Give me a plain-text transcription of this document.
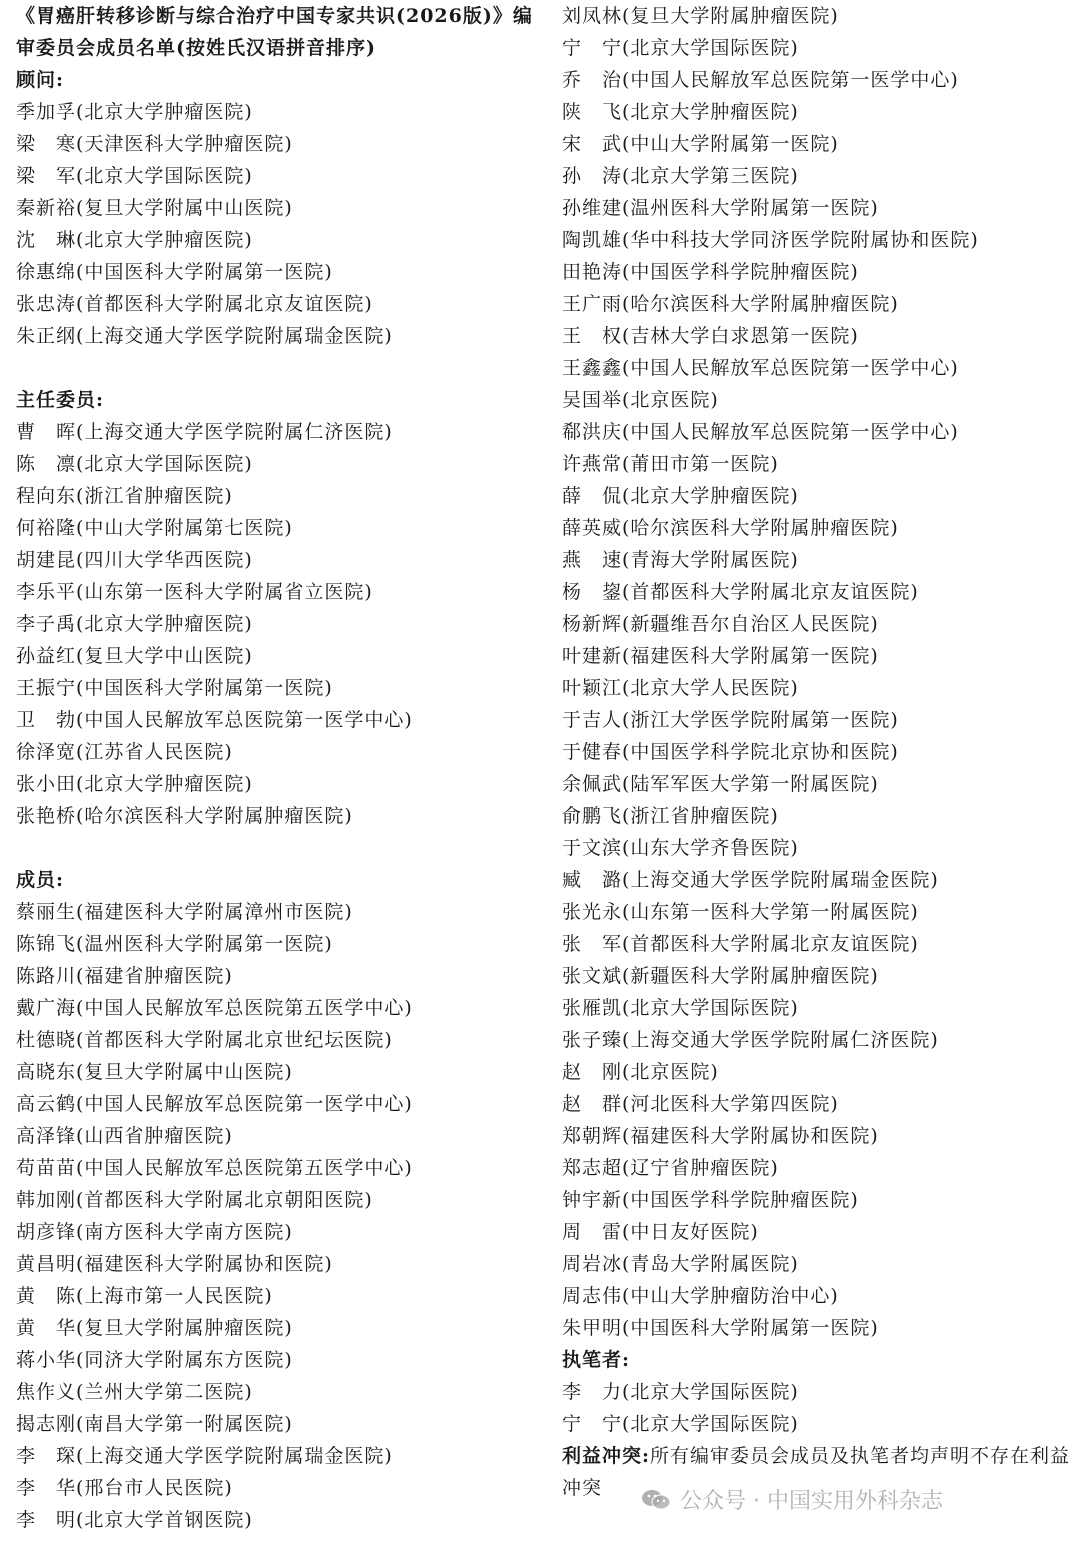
《胃癌肝转移诊断与综合治疗中国专家共识(2026版)》编审委员会成员名单(按姓氏汉语拼音排序)
顾问:
季加孚(北京大学肿瘤医院)
梁　寒(天津医科大学肿瘤医院)
梁　军(北京大学国际医院)
秦新裕(复旦大学附属中山医院)
沈　琳(北京大学肿瘤医院)
徐惠绵(中国医科大学附属第一医院)
张忠涛(首都医科大学附属北京友谊医院)
朱正纲(上海交通大学医学院附属瑞金医院)
主任委员:
曹　晖(上海交通大学医学院附属仁济医院)
陈　凛(北京大学国际医院)
程向东(浙江省肿瘤医院)
何裕隆(中山大学附属第七医院)
胡建昆(四川大学华西医院)
李乐平(山东第一医科大学附属省立医院)
李子禹(北京大学肿瘤医院)
孙益红(复旦大学中山医院)
王振宁(中国医科大学附属第一医院)
卫　勃(中国人民解放军总医院第一医学中心)
徐泽宽(江苏省人民医院)
张小田(北京大学肿瘤医院)
张艳桥(哈尔滨医科大学附属肿瘤医院)
成员:
蔡丽生(福建医科大学附属漳州市医院)
陈锦飞(温州医科大学附属第一医院)
陈路川(福建省肿瘤医院)
戴广海(中国人民解放军总医院第五医学中心)
杜德晓(首都医科大学附属北京世纪坛医院)
高晓东(复旦大学附属中山医院)
高云鹤(中国人民解放军总医院第一医学中心)
高泽锋(山西省肿瘤医院)
苟苗苗(中国人民解放军总医院第五医学中心)
韩加刚(首都医科大学附属北京朝阳医院)
胡彦锋(南方医科大学南方医院)
黄昌明(福建医科大学附属协和医院)
黄　陈(上海市第一人民医院)
黄　华(复旦大学附属肿瘤医院)
蒋小华(同济大学附属东方医院)
焦作义(兰州大学第二医院)
揭志刚(南昌大学第一附属医院)
李　琛(上海交通大学医学院附属瑞金医院)
李　华(邢台市人民医院)
李　明(北京大学首钢医院)
刘凤林(复旦大学附属肿瘤医院)
宁　宁(北京大学国际医院)
乔　治(中国人民解放军总医院第一医学中心)
陕　飞(北京大学肿瘤医院)
宋　武(中山大学附属第一医院)
孙　涛(北京大学第三医院)
孙维建(温州医科大学附属第一医院)
陶凯雄(华中科技大学同济医学院附属协和医院)
田艳涛(中国医学科学院肿瘤医院)
王广雨(哈尔滨医科大学附属肿瘤医院)
王　权(吉林大学白求恩第一医院)
王鑫鑫(中国人民解放军总医院第一医学中心)
吴国举(北京医院)
郗洪庆(中国人民解放军总医院第一医学中心)
许燕常(莆田市第一医院)
薛　侃(北京大学肿瘤医院)
薛英威(哈尔滨医科大学附属肿瘤医院)
燕　速(青海大学附属医院)
杨　鋆(首都医科大学附属北京友谊医院)
杨新辉(新疆维吾尔自治区人民医院)
叶建新(福建医科大学附属第一医院)
叶颖江(北京大学人民医院)
于吉人(浙江大学医学院附属第一医院)
于健春(中国医学科学院北京协和医院)
余佩武(陆军军医大学第一附属医院)
俞鹏飞(浙江省肿瘤医院)
于文滨(山东大学齐鲁医院)
臧　潞(上海交通大学医学院附属瑞金医院)
张光永(山东第一医科大学第一附属医院)
张　军(首都医科大学附属北京友谊医院)
张文斌(新疆医科大学附属肿瘤医院)
张雁凯(北京大学国际医院)
张子臻(上海交通大学医学院附属仁济医院)
赵　刚(北京医院)
赵　群(河北医科大学第四医院)
郑朝辉(福建医科大学附属协和医院)
郑志超(辽宁省肿瘤医院)
钟宇新(中国医学科学院肿瘤医院)
周　雷(中日友好医院)
周岩冰(青岛大学附属医院)
周志伟(中山大学肿瘤防治中心)
朱甲明(中国医科大学附属第一医院)
执笔者:
李　力(北京大学国际医院)
宁　宁(北京大学国际医院)
利益冲突:所有编审委员会成员及执笔者均声明不存在利益冲突
公众号 · 中国实用外科杂志
